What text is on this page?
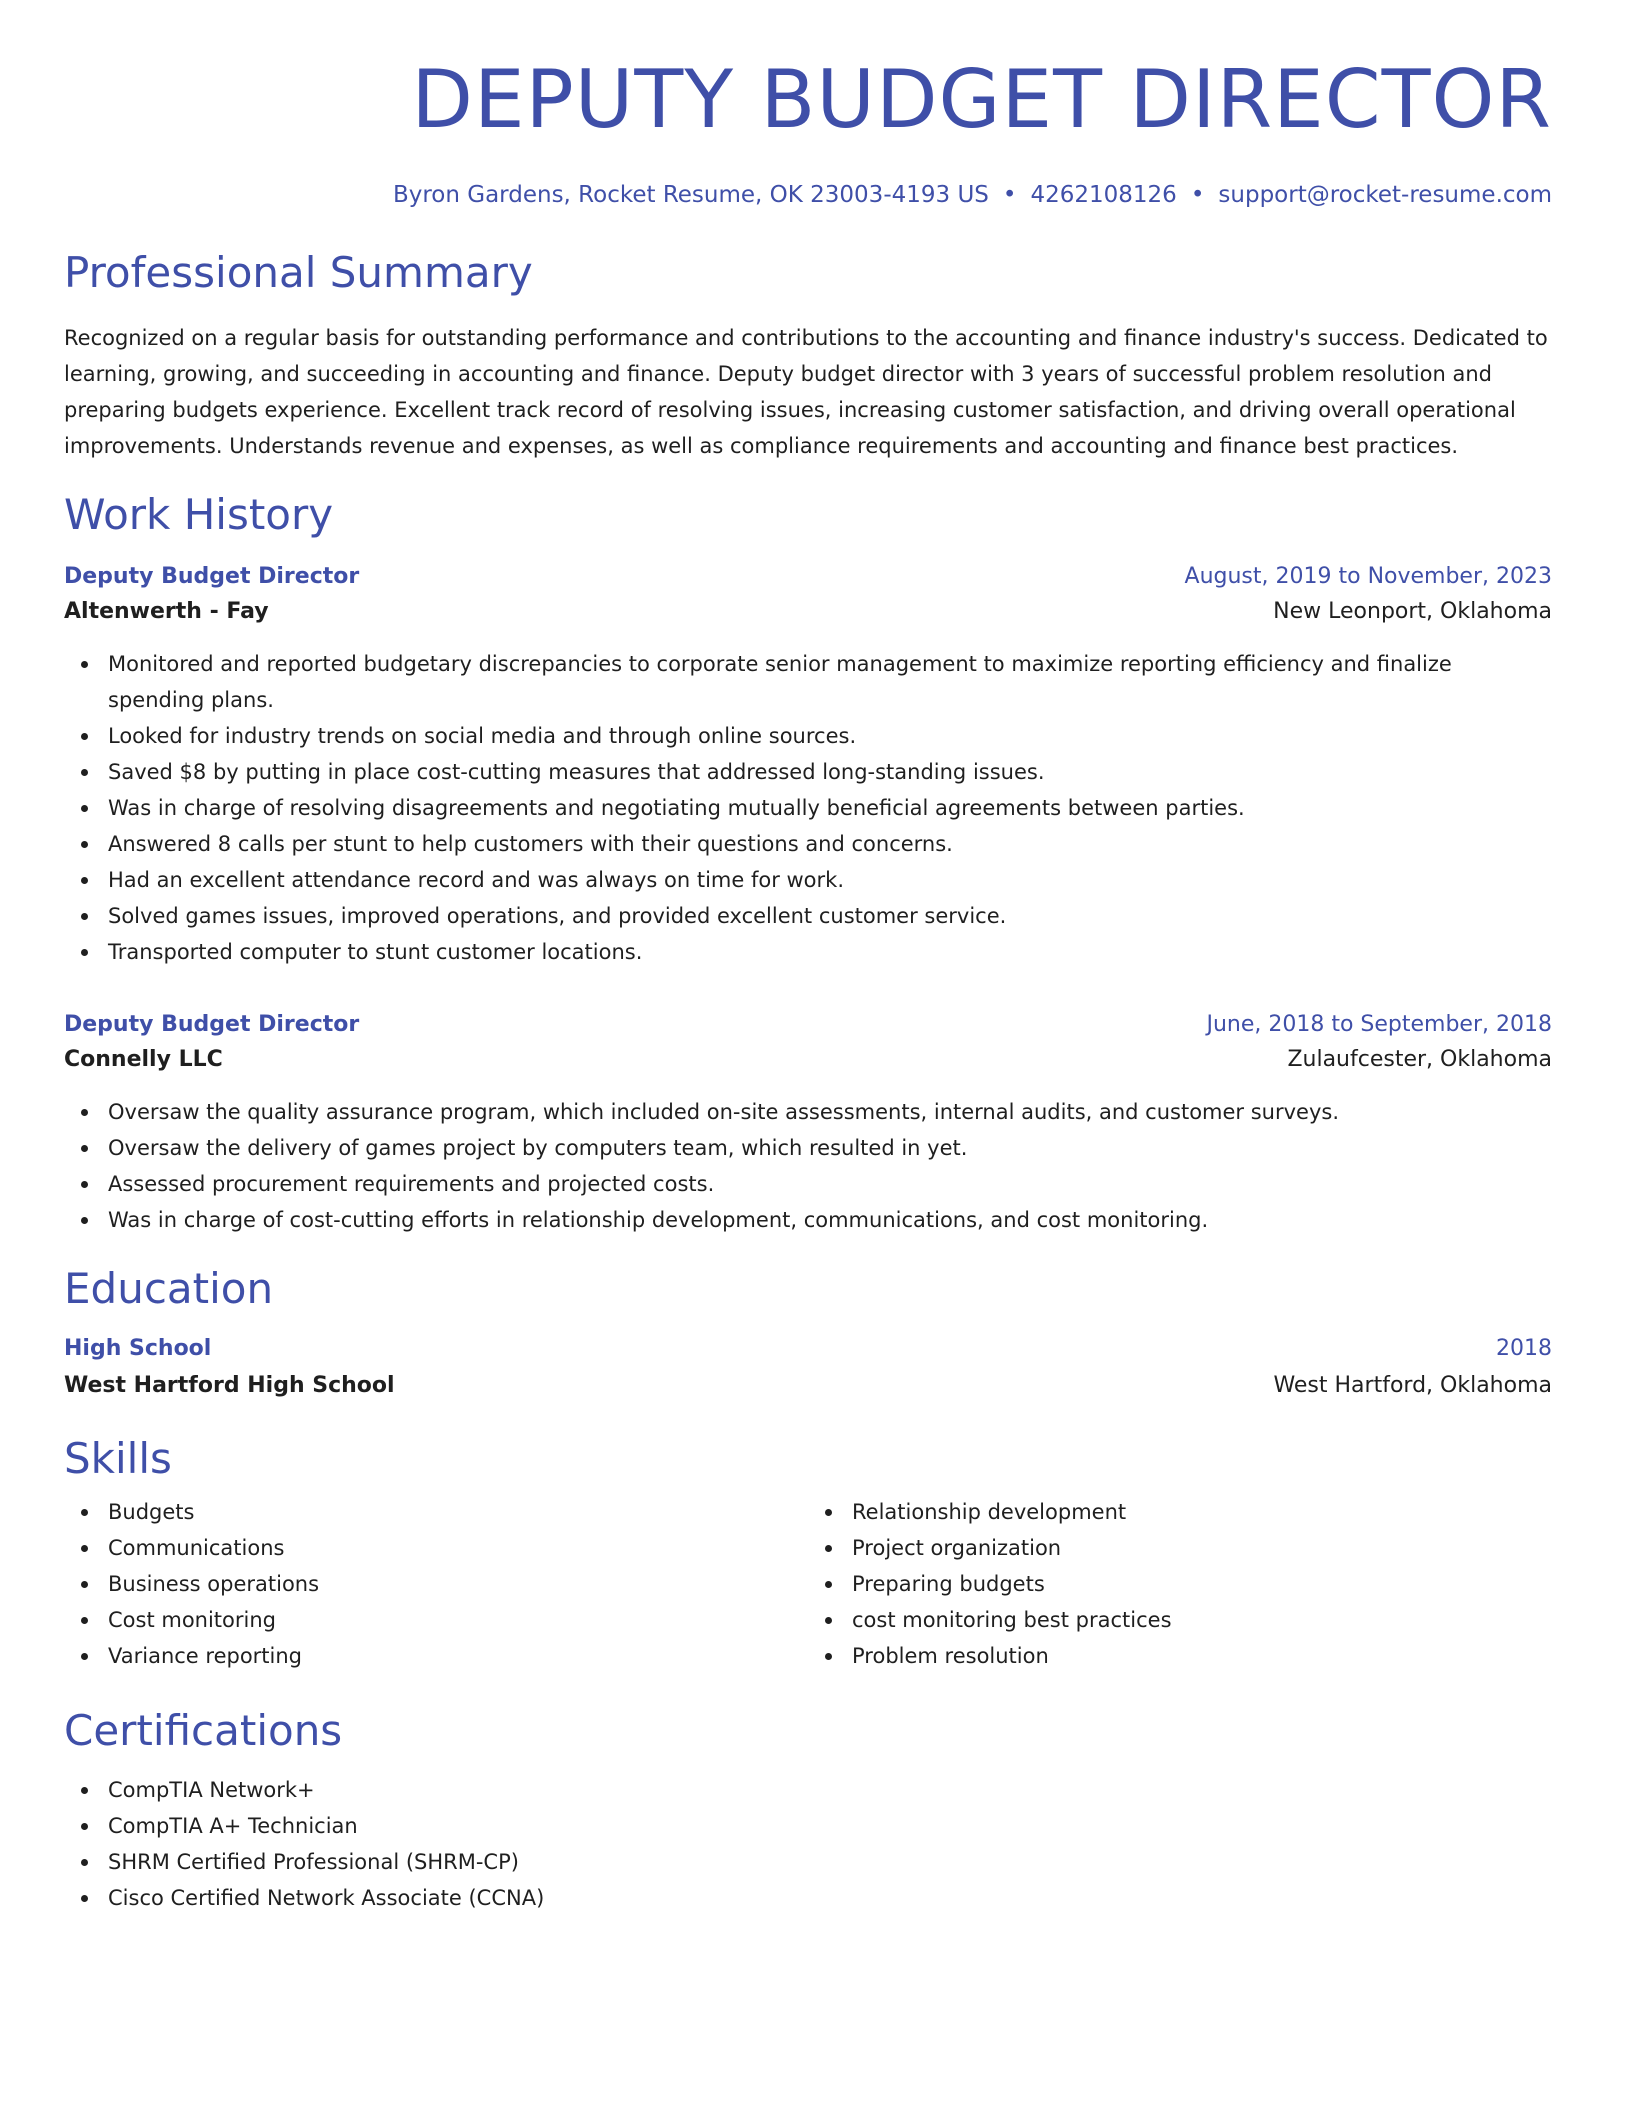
DEPUTY BUDGET DIRECTOR
Byron Gardens, Rocket Resume, OK 23003-4193 US • 4262108126 • support@rocket-resume.com
Professional Summary
Recognized on a regular basis for outstanding performance and contributions to the accounting and finance industry's success. Dedicated to learning, growing, and succeeding in accounting and finance. Deputy budget director with 3 years of successful problem resolution and preparing budgets experience. Excellent track record of resolving issues, increasing customer satisfaction, and driving overall operational improvements. Understands revenue and expenses, as well as compliance requirements and accounting and finance best practices.
Work History
Deputy Budget Director	August, 2019 to November, 2023
Altenwerth - Fay	New Leonport, Oklahoma
Monitored and reported budgetary discrepancies to corporate senior management to maximize reporting efficiency and finalize spending plans.
Looked for industry trends on social media and through online sources.
Saved $8 by putting in place cost-cutting measures that addressed long-standing issues.
Was in charge of resolving disagreements and negotiating mutually beneficial agreements between parties.
Answered 8 calls per stunt to help customers with their questions and concerns.
Had an excellent attendance record and was always on time for work.
Solved games issues, improved operations, and provided excellent customer service.
Transported computer to stunt customer locations.
Deputy Budget Director	June, 2018 to September, 2018
Connelly LLC	Zulaufcester, Oklahoma
Oversaw the quality assurance program, which included on-site assessments, internal audits, and customer surveys.
Oversaw the delivery of games project by computers team, which resulted in yet.
Assessed procurement requirements and projected costs.
Was in charge of cost-cutting efforts in relationship development, communications, and cost monitoring.
Education
High School	2018
West Hartford High School	West Hartford, Oklahoma
Skills
Budgets
Communications
Business operations
Cost monitoring
Variance reporting
Relationship development
Project organization
Preparing budgets
cost monitoring best practices
Problem resolution
Certifications
CompTIA Network+
CompTIA A+ Technician
SHRM Certified Professional (SHRM-CP)
Cisco Certified Network Associate (CCNA)
